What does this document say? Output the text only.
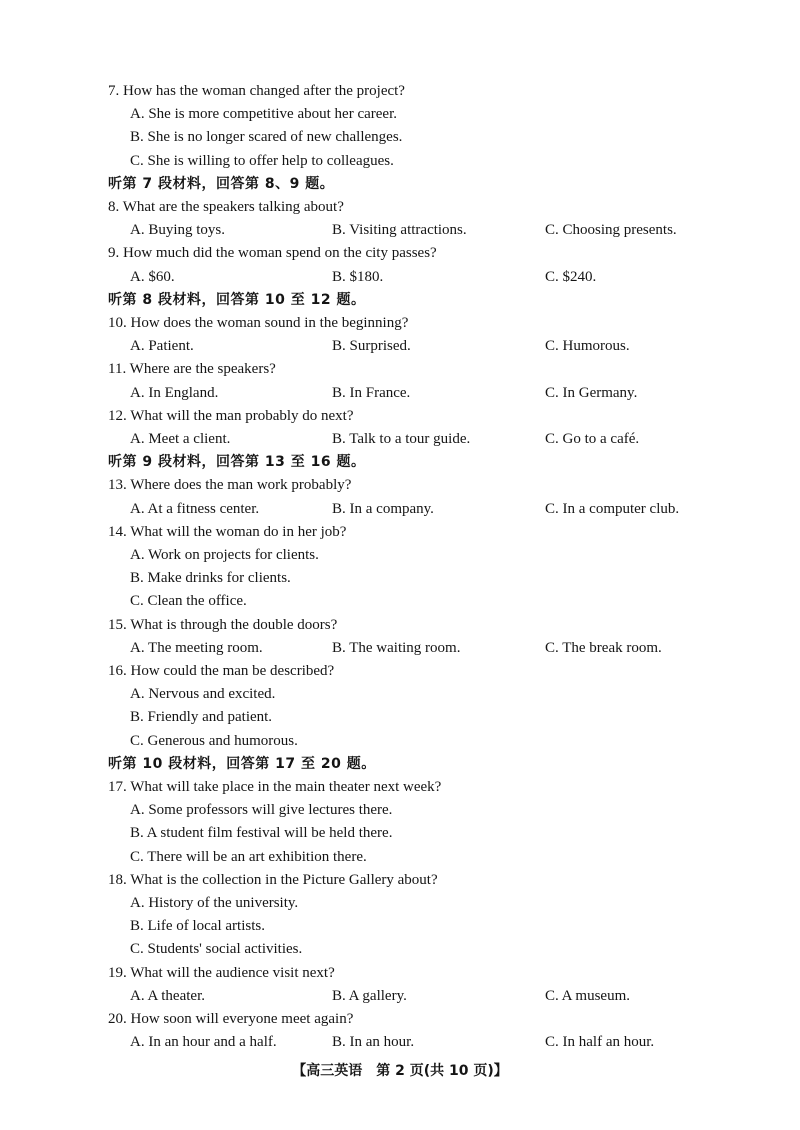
7. How has the woman changed after the project?
A. She is more competitive about her career.
B. She is no longer scared of new challenges.
C. She is willing to offer help to colleagues.
听第 7 段材料，回答第 8、9 题。
8. What are the speakers talking about?
A. Buying toys.	B. Visiting attractions.	C. Choosing presents.
9. How much did the woman spend on the city passes?
A. $60.	B. $180.	C. $240.
听第 8 段材料，回答第 10 至 12 题。
10. How does the woman sound in the beginning?
A. Patient.	B. Surprised.	C. Humorous.
11. Where are the speakers?
A. In England.	B. In France.	C. In Germany.
12. What will the man probably do next?
A. Meet a client.	B. Talk to a tour guide.	C. Go to a café.
听第 9 段材料，回答第 13 至 16 题。
13. Where does the man work probably?
A. At a fitness center.	B. In a company.	C. In a computer club.
14. What will the woman do in her job?
A. Work on projects for clients.
B. Make drinks for clients.
C. Clean the office.
15. What is through the double doors?
A. The meeting room.	B. The waiting room.	C. The break room.
16. How could the man be described?
A. Nervous and excited.
B. Friendly and patient.
C. Generous and humorous.
听第 10 段材料，回答第 17 至 20 题。
17. What will take place in the main theater next week?
A. Some professors will give lectures there.
B. A student film festival will be held there.
C. There will be an art exhibition there.
18. What is the collection in the Picture Gallery about?
A. History of the university.
B. Life of local artists.
C. Students' social activities.
19. What will the audience visit next?
A. A theater.	B. A gallery.	C. A museum.
20. How soon will everyone meet again?
A. In an hour and a half.	B. In an hour.	C. In half an hour.
【高三英语　第 2 页(共 10 页)】
